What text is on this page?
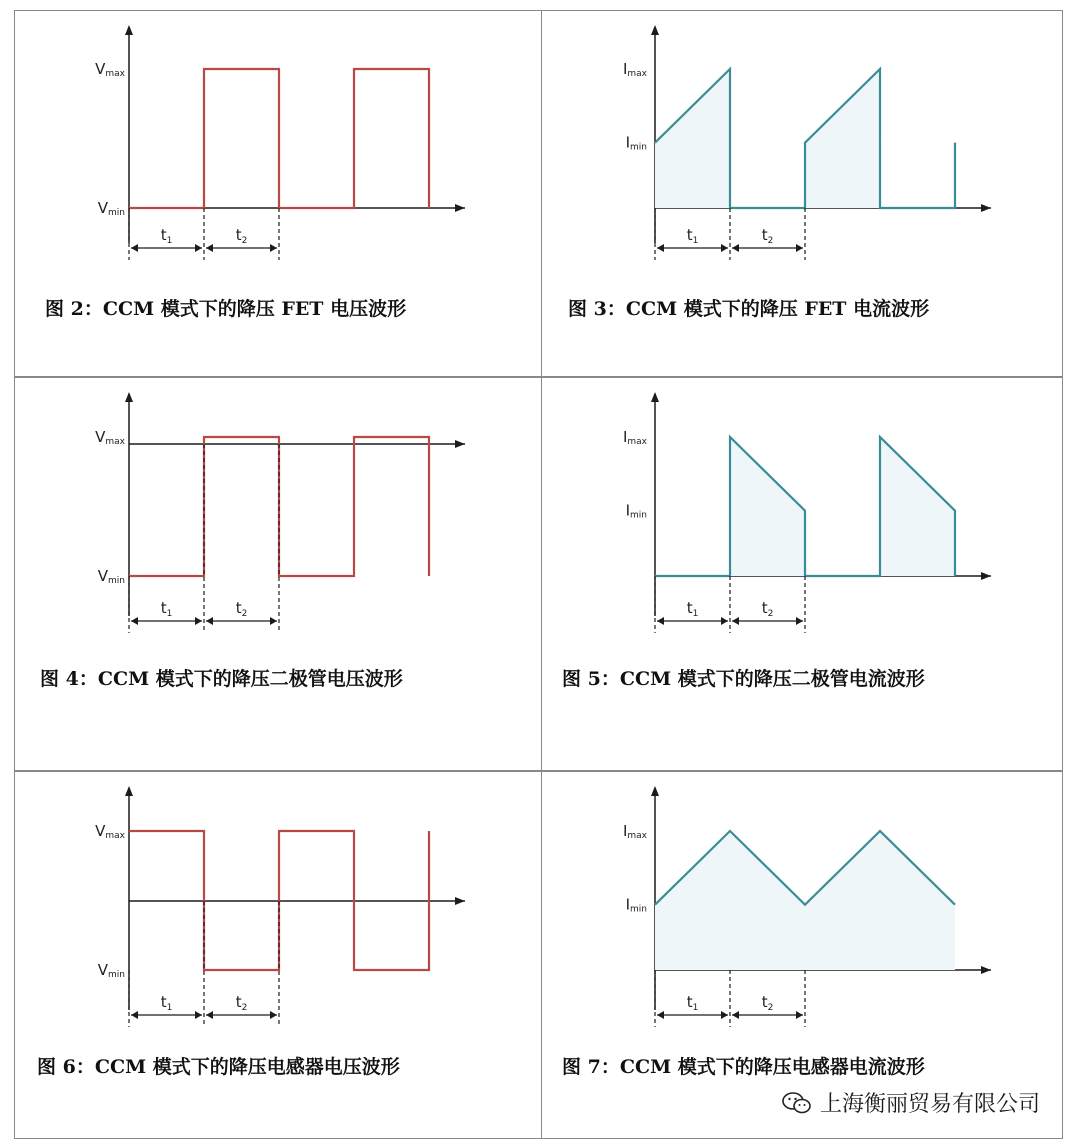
图 2：CCM 模式下的降压 FET 电压波形
Vmax
Vmin
$t_1$	$t_2$
图 3：CCM 模式下的降压 FET 电流波形
Imax
Imin
$t_1$	$t_2$
图 4：CCM 模式下的降压二极管电压波形
Vmax
Vmin
$t_1$	$t_2$
图 5：CCM 模式下的降压二极管电流波形
Imax
Imin
$t_1$	$t_2$
图 6：CCM 模式下的降压电感器电压波形
Vmax
Vmin
$t_1$	$t_2$
图 7：CCM 模式下的降压电感器电流波形
Imax
Imin
$t_1$	$t_2$
上海衡丽贸易有限公司
